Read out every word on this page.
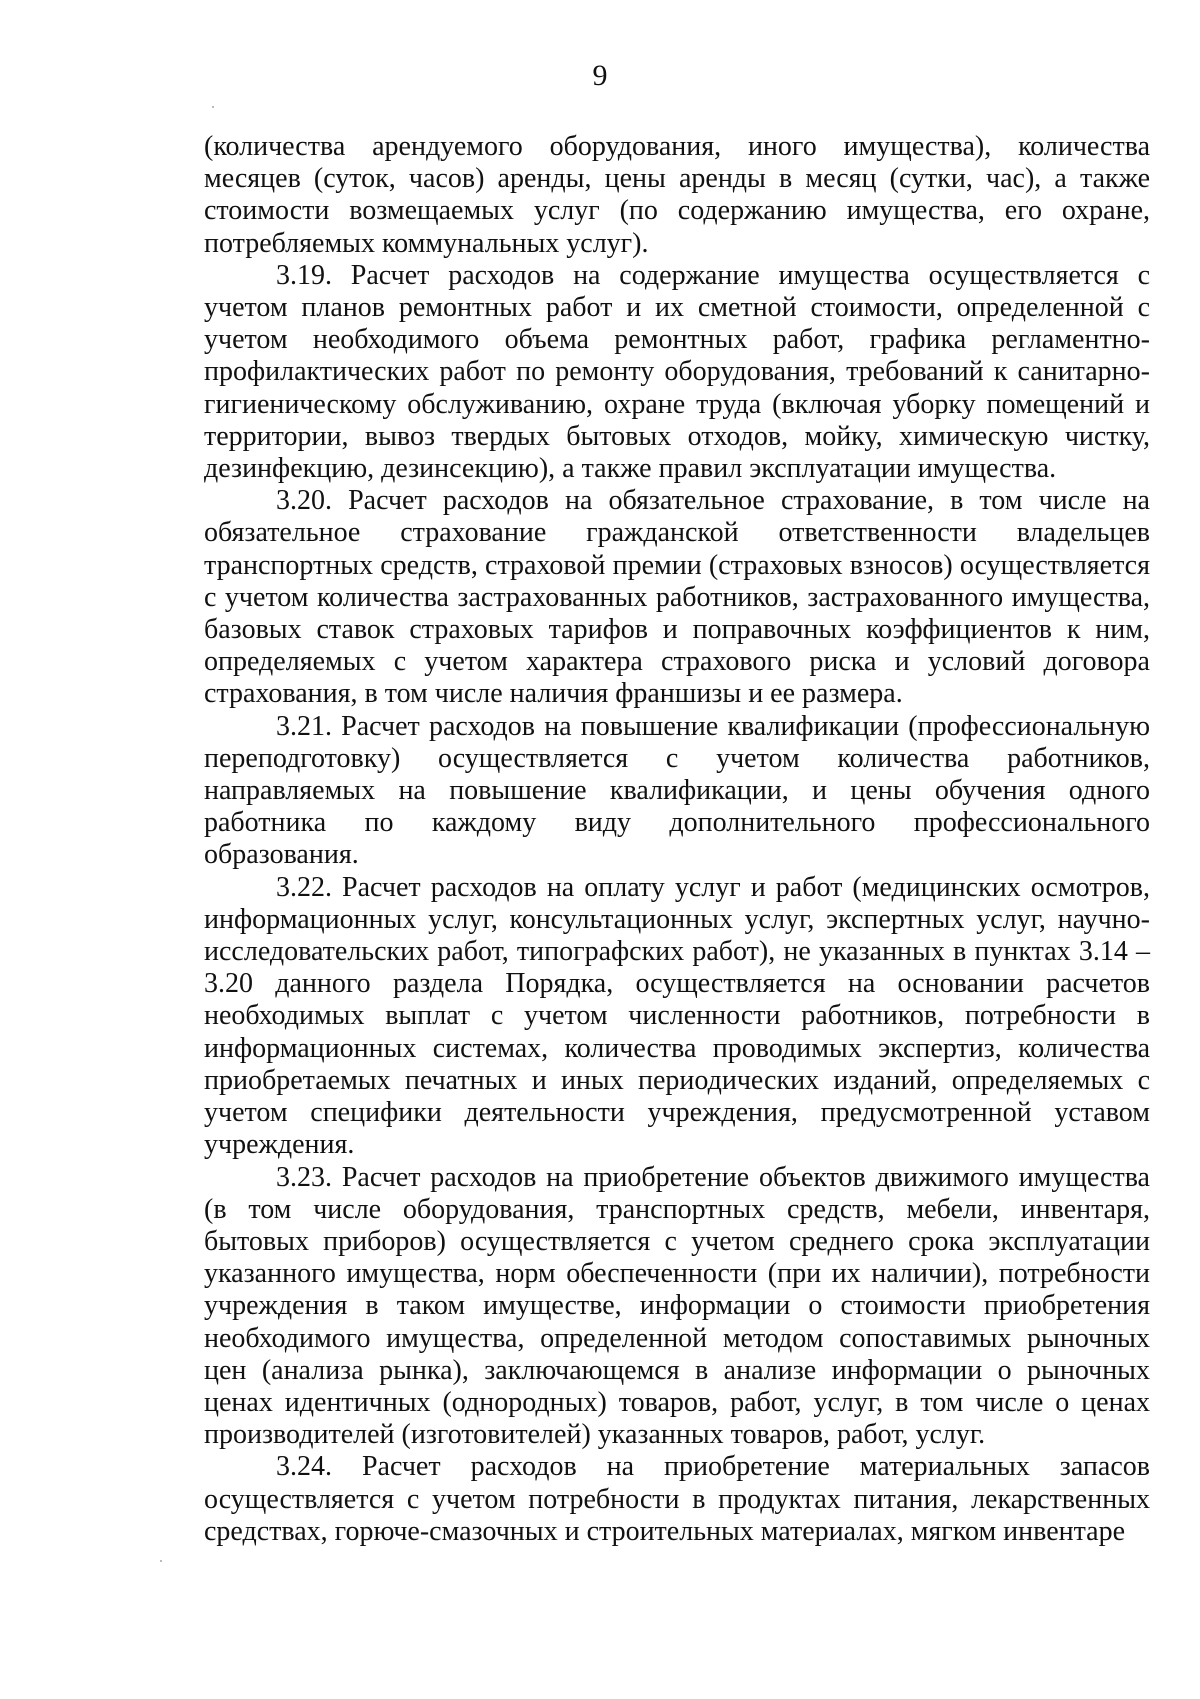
9

(количества арендуемого оборудования, иного имущества), количества месяцев (суток, часов) аренды, цены аренды в месяц (сутки, час), а также стоимости возмещаемых услуг (по содержанию имущества, его охране, потребляемых коммунальных услуг).

3.19. Расчет расходов на содержание имущества осуществляется с учетом планов ремонтных работ и их сметной стоимости, определенной с учетом необходимого объема ремонтных работ, графика регламентно-профилактических работ по ремонту оборудования, требований к санитарно-гигиеническому обслуживанию, охране труда (включая уборку помещений и территории, вывоз твердых бытовых отходов, мойку, химическую чистку, дезинфекцию, дезинсекцию), а также правил эксплуатации имущества.

3.20. Расчет расходов на обязательное страхование, в том числе на обязательное страхование гражданской ответственности владельцев транспортных средств, страховой премии (страховых взносов) осуществляется с учетом количества застрахованных работников, застрахованного имущества, базовых ставок страховых тарифов и поправочных коэффициентов к ним, определяемых с учетом характера страхового риска и условий договора страхования, в том числе наличия франшизы и ее размера.

3.21. Расчет расходов на повышение квалификации (профессиональную переподготовку) осуществляется с учетом количества работников, направляемых на повышение квалификации, и цены обучения одного работника по каждому виду дополнительного профессионального образования.

3.22. Расчет расходов на оплату услуг и работ (медицинских осмотров, информационных услуг, консультационных услуг, экспертных услуг, научно-исследовательских работ, типографских работ), не указанных в пунктах 3.14 – 3.20 данного раздела Порядка, осуществляется на основании расчетов необходимых выплат с учетом численности работников, потребности в информационных системах, количества проводимых экспертиз, количества приобретаемых печатных и иных периодических изданий, определяемых с учетом специфики деятельности учреждения, предусмотренной уставом учреждения.

3.23. Расчет расходов на приобретение объектов движимого имущества (в том числе оборудования, транспортных средств, мебели, инвентаря, бытовых приборов) осуществляется с учетом среднего срока эксплуатации указанного имущества, норм обеспеченности (при их наличии), потребности учреждения в таком имуществе, информации о стоимости приобретения необходимого имущества, определенной методом сопоставимых рыночных цен (анализа рынка), заключающемся в анализе информации о рыночных ценах идентичных (однородных) товаров, работ, услуг, в том числе о ценах производителей (изготовителей) указанных товаров, работ, услуг.

3.24. Расчет расходов на приобретение материальных запасов осуществляется с учетом потребности в продуктах питания, лекарственных средствах, горюче-смазочных и строительных материалах, мягком инвентаре
